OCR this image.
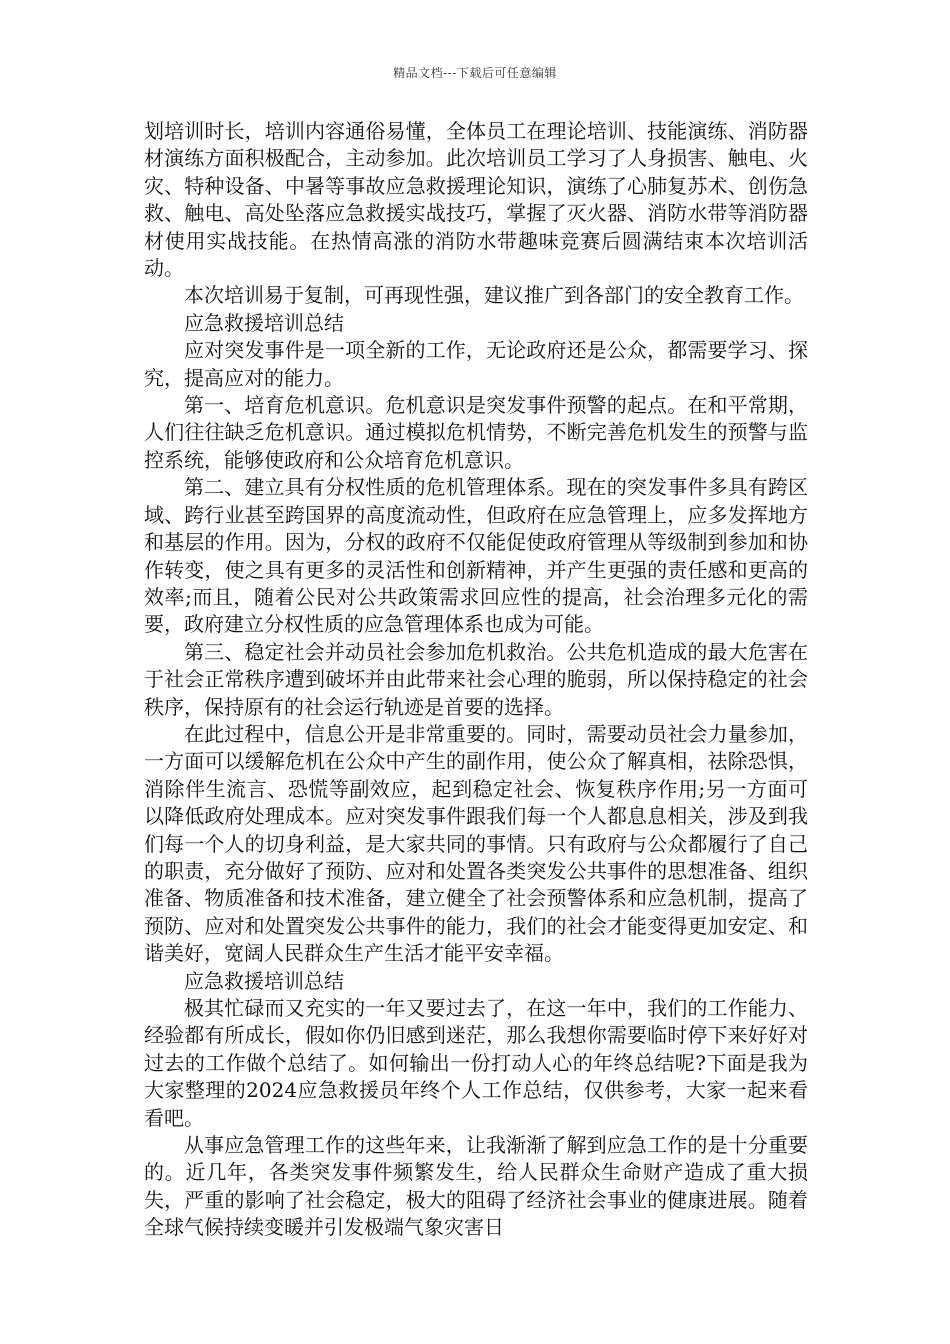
精品文档---下载后可任意编辑

划培训时长，培训内容通俗易懂，全体员工在理论培训、技能演练、消防器材演练方面积极配合，主动参加。此次培训员工学习了人身损害、触电、火灾、特种设备、中暑等事故应急救援理论知识，演练了心肺复苏术、创伤急救、触电、高处坠落应急救援实战技巧，掌握了灭火器、消防水带等消防器材使用实战技能。在热情高涨的消防水带趣味竞赛后圆满结束本次培训活动。

本次培训易于复制，可再现性强，建议推广到各部门的安全教育工作。

应急救援培训总结

应对突发事件是一项全新的工作，无论政府还是公众，都需要学习、探究，提高应对的能力。

第一、培育危机意识。危机意识是突发事件预警的起点。在和平常期，人们往往缺乏危机意识。通过模拟危机情势，不断完善危机发生的预警与监控系统，能够使政府和公众培育危机意识。

第二、建立具有分权性质的危机管理体系。现在的突发事件多具有跨区域、跨行业甚至跨国界的高度流动性，但政府在应急管理上，应多发挥地方和基层的作用。因为，分权的政府不仅能促使政府管理从等级制到参加和协作转变，使之具有更多的灵活性和创新精神，并产生更强的责任感和更高的效率;而且，随着公民对公共政策需求回应性的提高，社会治理多元化的需要，政府建立分权性质的应急管理体系也成为可能。

第三、稳定社会并动员社会参加危机救治。公共危机造成的最大危害在于社会正常秩序遭到破坏并由此带来社会心理的脆弱，所以保持稳定的社会秩序，保持原有的社会运行轨迹是首要的选择。

在此过程中，信息公开是非常重要的。同时，需要动员社会力量参加，一方面可以缓解危机在公众中产生的副作用，使公众了解真相，祛除恐惧，消除伴生流言、恐慌等副效应，起到稳定社会、恢复秩序作用;另一方面可以降低政府处理成本。应对突发事件跟我们每一个人都息息相关，涉及到我们每一个人的切身利益，是大家共同的事情。只有政府与公众都履行了自己的职责，充分做好了预防、应对和处置各类突发公共事件的思想准备、组织准备、物质准备和技术准备，建立健全了社会预警体系和应急机制，提高了预防、应对和处置突发公共事件的能力，我们的社会才能变得更加安定、和谐美好，宽阔人民群众生产生活才能平安幸福。

应急救援培训总结

极其忙碌而又充实的一年又要过去了，在这一年中，我们的工作能力、经验都有所成长，假如你仍旧感到迷茫，那么我想你需要临时停下来好好对过去的工作做个总结了。如何输出一份打动人心的年终总结呢?下面是我为大家整理的2024应急救援员年终个人工作总结，仅供参考，大家一起来看看吧。

从事应急管理工作的这些年来，让我渐渐了解到应急工作的是十分重要的。近几年，各类突发事件频繁发生，给人民群众生命财产造成了重大损失，严重的影响了社会稳定，极大的阻碍了经济社会事业的健康进展。随着全球气候持续变暖并引发极端气象灾害日
